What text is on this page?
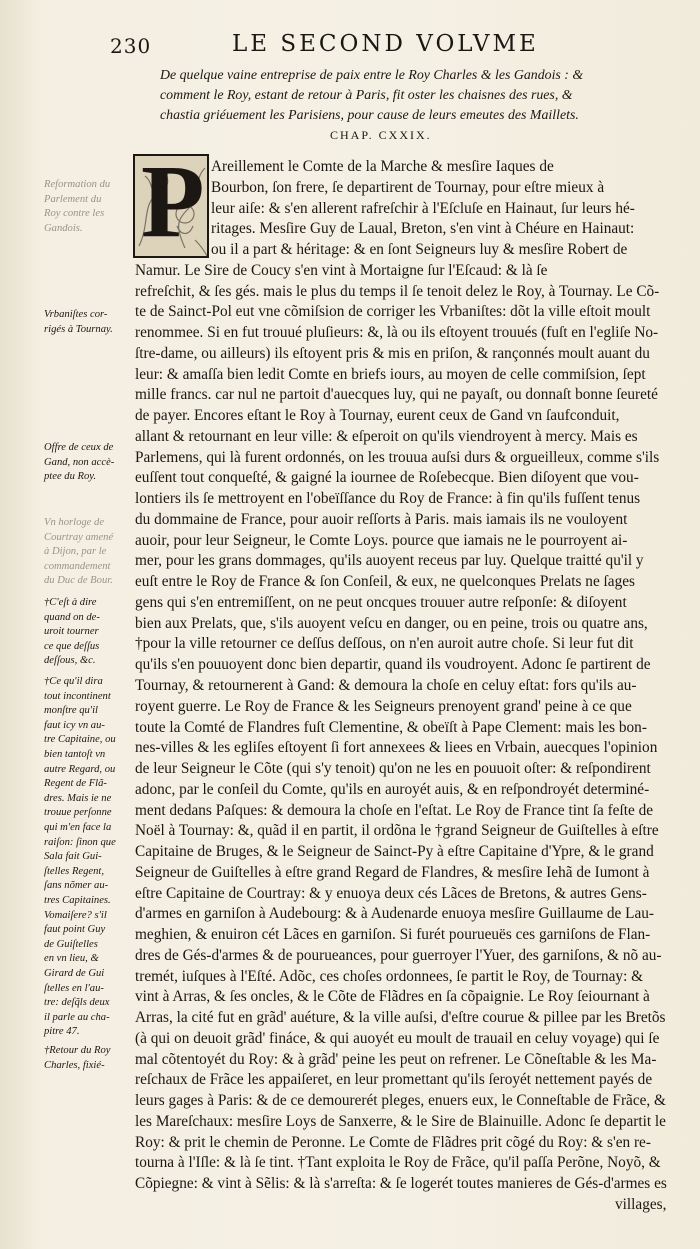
230	LE SECOND VOLVME
De quelque vaine entreprise de paix entre le Roy Charles & les Gandois : &
comment le Roy, estant de retour à Paris, fit oster les chaisnes des rues, &
chastia griéuement les Parisiens, pour cause de leurs emeutes des Maillets.
CHAP. CXXIX.
P Areillement le Comte de la Marche & mesſire Iaques de
Bourbon, ſon frere, ſe departirent de Tournay, pour eſtre mieux à
leur aiſe: & s'en allerent rafreſchir à l'Eſcluſe en Hainaut, ſur leurs hé-
ritages. Mesſire Guy de Laual, Breton, s'en vint à Chéure en Hainaut:
ou il a part & héritage: & en ſont Seigneurs luy & mesſire Robert de
Namur. Le Sire de Coucy s'en vint à Mortaigne ſur l'Eſcaud: & là ſe
refreſchit, & ſes gés. mais le plus du temps il ſe tenoit delez le Roy, à Tournay. Le Cõ-
te de Sainct-Pol eut vne cõmiſsion de corriger les Vrbaniſtes: dõt la ville eſtoit moult
renommee. Si en fut trouué pluſieurs: &, là ou ils eſtoyent trouués (fuſt en l'egliſe No-
ſtre-dame, ou ailleurs) ils eſtoyent pris & mis en priſon, & rançonnés moult auant du
leur: & amaſſa bien ledit Comte en briefs iours, au moyen de celle commiſsion, ſept
mille francs. car nul ne partoit d'auecques luy, qui ne payaſt, ou donnaſt bonne ſeureté
de payer. Encores eſtant le Roy à Tournay, eurent ceux de Gand vn ſaufconduit,
allant & retournant en leur ville: & eſperoit on qu'ils viendroyent à mercy. Mais es
Parlemens, qui là furent ordonnés, on les trouua auſsi durs & orgueilleux, comme s'ils
euſſent tout conqueſté, & gaigné la iournee de Roſebecque. Bien diſoyent que vou-
lontiers ils ſe mettroyent en l'obeïſſance du Roy de France: à fin qu'ils fuſſent tenus
du dommaine de France, pour auoir reſſorts à Paris. mais iamais ils ne vouloyent
auoir, pour leur Seigneur, le Comte Loys. pource que iamais ne le pourroyent ai-
mer, pour les grans dommages, qu'ils auoyent receus par luy. Quelque traitté qu'il y
euſt entre le Roy de France & ſon Conſeil, & eux, ne quelconques Prelats ne ſages
gens qui s'en entremiſſent, on ne peut oncques trouuer autre reſponſe: & diſoyent
bien aux Prelats, que, s'ils auoyent veſcu en danger, ou en peine, trois ou quatre ans,
†pour la ville retourner ce deſſus deſſous, on n'en auroit autre choſe. Si leur fut dit
qu'ils s'en pouuoyent donc bien departir, quand ils voudroyent. Adonc ſe partirent de
Tournay, & retournerent à Gand: & demoura la choſe en celuy eſtat: fors qu'ils au-
royent guerre. Le Roy de France & les Seigneurs prenoyent grand' peine à ce que
toute la Comté de Flandres fuſt Clementine, & obeïſt à Pape Clement: mais les bon-
nes-villes & les egliſes eſtoyent ſi fort annexees & liees en Vrbain, auecques l'opinion
de leur Seigneur le Cõte (qui s'y tenoit) qu'on ne les en pouuoit oſter: & reſpondirent
adonc, par le conſeil du Comte, qu'ils en auroyét auis, & en reſpondroyét determiné-
ment dedans Paſques: & demoura la choſe en l'eſtat. Le Roy de France tint ſa feſte de
Noël à Tournay: &, quãd il en partit, il ordõna le †grand Seigneur de Guiſtelles à eſtre
Capitaine de Bruges, & le Seigneur de Sainct-Py à eſtre Capitaine d'Ypre, & le grand
Seigneur de Guiſtelles à eſtre grand Regard de Flandres, & mesſire Iehã de Iumont à
eſtre Capitaine de Courtray: & y enuoya deux cés Lãces de Bretons, & autres Gens-
d'armes en garniſon à Audebourg: & à Audenarde enuoya mesſire Guillaume de Lau-
meghien, & enuiron cét Lãces en garniſon. Si furét pourueuës ces garniſons de Flan-
dres de Gés-d'armes & de pourueances, pour guerroyer l'Yuer, des garniſons, & nõ au-
tremét, iuſques à l'Eſté. Adõc, ces choſes ordonnees, ſe partit le Roy, de Tournay: &
vint à Arras, & ſes oncles, & le Cõte de Flãdres en ſa cõpaignie. Le Roy ſeiournant à
Arras, la cité fut en grãd' auéture, & la ville auſsi, d'eſtre courue & pillee par les Bretõs
(à qui on deuoit grãd' fináce, & qui auoyét eu moult de trauail en celuy voyage) qui ſe
mal cõtentoyét du Roy: & à grãd' peine les peut on refrener. Le Cõneſtable & les Ma-
reſchaux de Frãce les appaiſeret, en leur promettant qu'ils ſeroyét nettement payés de
leurs gages à Paris: & de ce demourerét pleges, enuers eux, le Conneſtable de Frãce, &
les Mareſchaux: mesſire Loys de Sanxerre, & le Sire de Blainuille. Adonc ſe departit le
Roy: & prit le chemin de Peronne. Le Comte de Flãdres prit cõgé du Roy: & s'en re-
tourna à l'Iſle: & là ſe tint. †Tant exploita le Roy de Frãce, qu'il paſſa Perõne, Noyõ, &
Cõpiegne: & vint à Sẽlis: & là s'arreſta: & ſe logerét toutes manieres de Gés-d'armes es
villages,
Reformation du
Parlement du
Roy contre les
Gandois.
Vrbaniſtes cor-
rigés à Tournay.
Offre de ceux de
Gand, non accè-
ptee du Roy.
Vn horloge de
Courtray amené
à Dijon, par le
commandement
du Duc de Bour.
†C'eſt à dire
quand on de-
uroit tourner
ce que deſſus
deſſous, &c.
†Ce qu'il dira
tout incontinent
monſtre qu'il
faut icy vn au-
tre Capitaine, ou
bien tantoſt vn
autre Regard, ou
Regent de Flã-
dres. Mais ie ne
trouue perſonne
qui m'en face la
raiſon: ſinon que
Sala fait Gui-
ſtelles Regent,
ſans nõmer au-
tres Capitaines.
Vomaiſere? s'il
faut point Guy
de Guiſtelles
en vn lieu, &
Girard de Gui
ſtelles en l'au-
tre: deſq̃ls deux
il parle au cha-
pitre 47.
†Retour du Roy
Charles, fixié-
